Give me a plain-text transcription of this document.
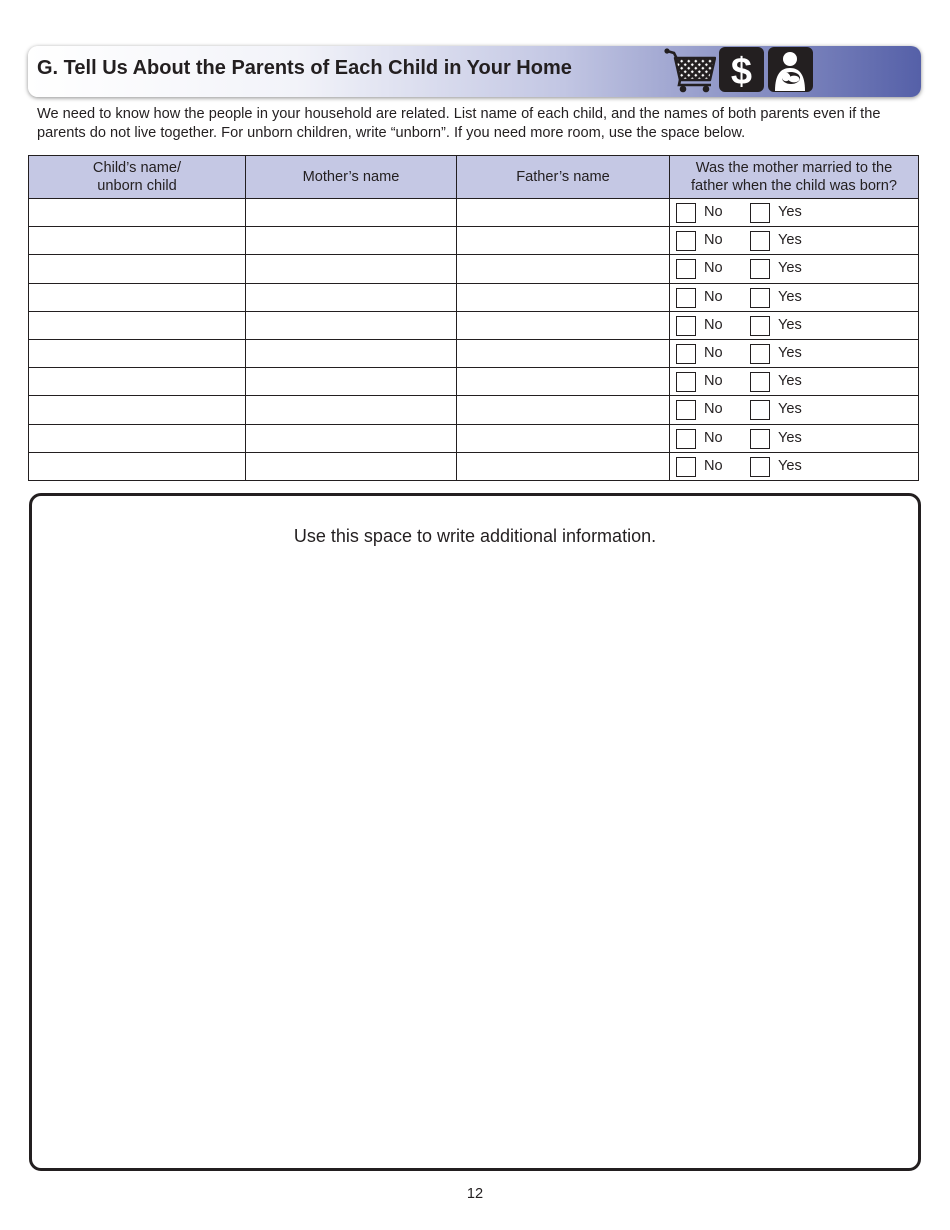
G. Tell Us About the Parents of Each Child in Your Home	$

We need to know how the people in your household are related. List name of each child, and the names of both parents even if the parents do not live together. For unborn children, write “unborn”. If you need more room, use the space below.

Child’s name/
unborn child	Mother’s name	Father’s name	Was the mother married to the
father when the child was born?

			No Yes

			No Yes

			No Yes

			No Yes

			No Yes

			No Yes

			No Yes

			No Yes

			No Yes

			No Yes
Use this space to write additional information.
12
